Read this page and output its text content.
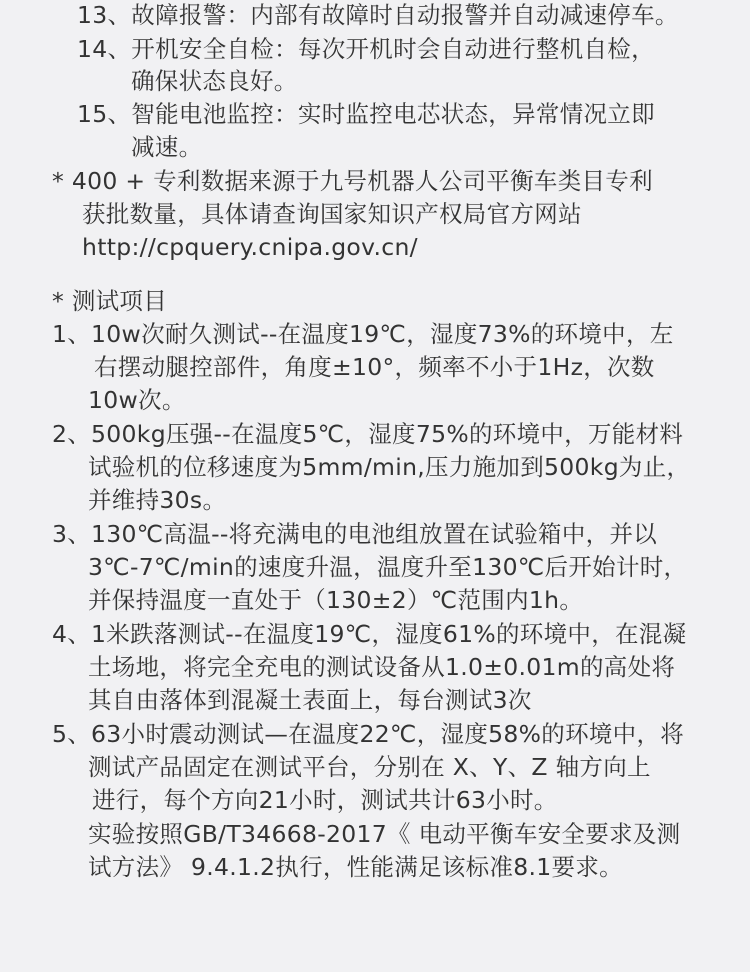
13、故障报警：内部有故障时自动报警并自动减速停车。
14、开机安全自检：每次开机时会自动进行整机自检，
确保状态良好。
15、智能电池监控：实时监控电芯状态，异常情况立即
减速。
* 400 + 专利数据来源于九号机器人公司平衡车类目专利
获批数量，具体请查询国家知识产权局官方网站
http://cpquery.cnipa.gov.cn/
* 测试项目
1、10w次耐久测试--在温度19℃，湿度73%的环境中，左
右摆动腿控部件，角度±10°，频率不小于1Hz，次数
10w次。
2、500kg压强--在温度5℃，湿度75%的环境中，万能材料
试验机的位移速度为5mm/min,压力施加到500kg为止，
并维持30s。
3、130℃高温--将充满电的电池组放置在试验箱中，并以
3℃-7℃/min的速度升温，温度升至130℃后开始计时，
并保持温度一直处于（130±2）℃范围内1h。
4、1米跌落测试--在温度19℃，湿度61%的环境中，在混凝
土场地，将完全充电的测试设备从1.0±0.01m的高处将
其自由落体到混凝土表面上，每台测试3次
5、63小时震动测试—在温度22℃，湿度58%的环境中，将
测试产品固定在测试平台，分别在 X、Y、Z 轴方向上
进行，每个方向21小时，测试共计63小时。
实验按照GB/T34668-2017《 电动平衡车安全要求及测
试方法》 9.4.1.2执行，性能满足该标准8.1要求。
